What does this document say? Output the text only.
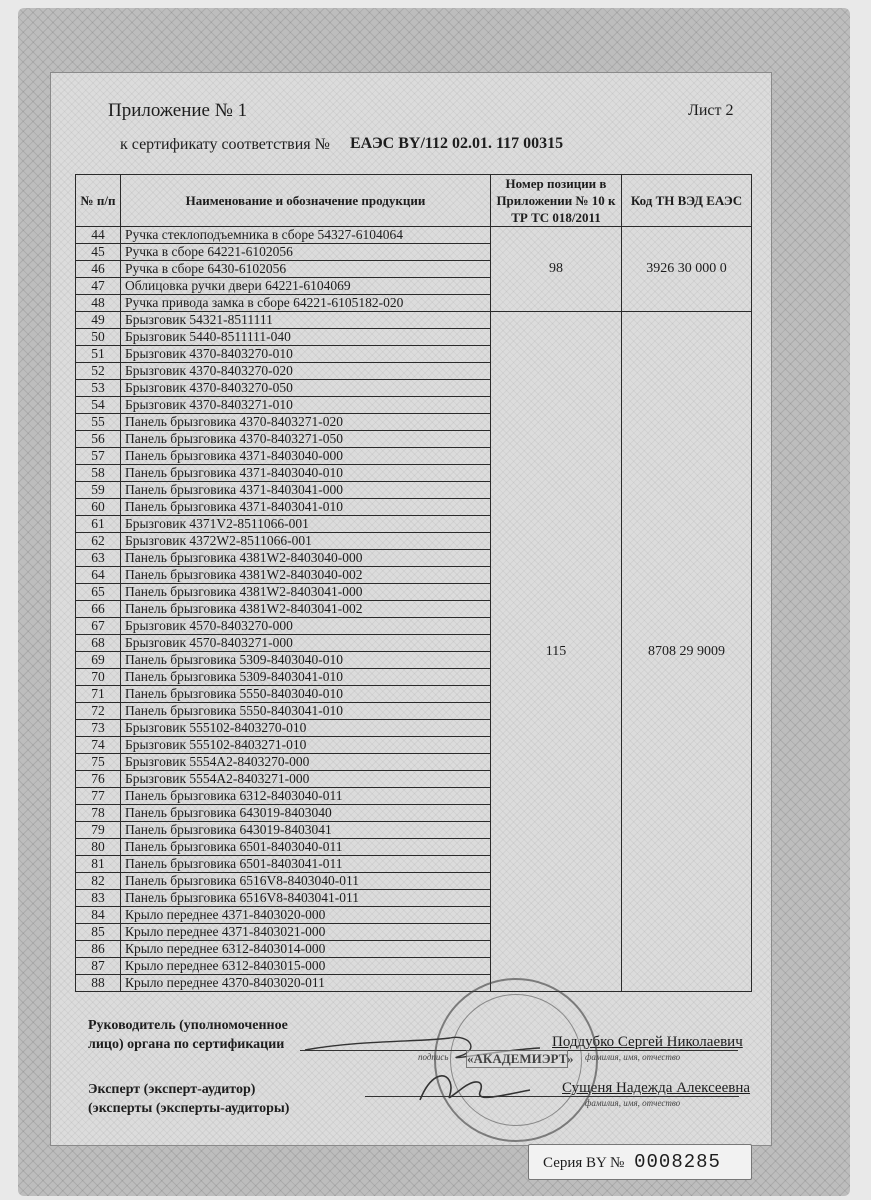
Приложение № 1	Лист 2
к сертификату соответствия № ЕАЭС BY/112 02.01. 117 00315
№ п/п	Наименование и обозначение продукции	Номер позиции в Приложении № 10 к ТР ТС 018/2011	Код ТН ВЭД ЕАЭС
44	Ручка стеклоподъемника в сборе 54327-6104064	98	3926 30 000 0
45	Ручка в сборе 64221-6102056		
46	Ручка в сборе 6430-6102056		
47	Облицовка ручки двери 64221-6104069		
48	Ручка привода замка в сборе 64221-6105182-020		
49	Брызговик 54321-8511111	115	8708 29 9009
50	Брызговик 5440-8511111-040		
51	Брызговик 4370-8403270-010		
52	Брызговик 4370-8403270-020		
53	Брызговик 4370-8403270-050		
54	Брызговик 4370-8403271-010		
55	Панель брызговика 4370-8403271-020		
56	Панель брызговика 4370-8403271-050		
57	Панель брызговика 4371-8403040-000		
58	Панель брызговика 4371-8403040-010		
59	Панель брызговика 4371-8403041-000		
60	Панель брызговика 4371-8403041-010		
61	Брызговик 4371V2-8511066-001		
62	Брызговик 4372W2-8511066-001		
63	Панель брызговика 4381W2-8403040-000		
64	Панель брызговика 4381W2-8403040-002		
65	Панель брызговика 4381W2-8403041-000		
66	Панель брызговика 4381W2-8403041-002		
67	Брызговик 4570-8403270-000		
68	Брызговик 4570-8403271-000		
69	Панель брызговика 5309-8403040-010		
70	Панель брызговика 5309-8403041-010		
71	Панель брызговика 5550-8403040-010		
72	Панель брызговика 5550-8403041-010		
73	Брызговик 555102-8403270-010		
74	Брызговик 555102-8403271-010		
75	Брызговик 5554A2-8403270-000		
76	Брызговик 5554A2-8403271-000		
77	Панель брызговика 6312-8403040-011		
78	Панель брызговика 643019-8403040		
79	Панель брызговика 643019-8403041		
80	Панель брызговика 6501-8403040-011		
81	Панель брызговика 6501-8403041-011		
82	Панель брызговика 6516V8-8403040-011		
83	Панель брызговика 6516V8-8403041-011		
84	Крыло переднее 4371-8403020-000		
85	Крыло переднее 4371-8403021-000		
86	Крыло переднее 6312-8403014-000		
87	Крыло переднее 6312-8403015-000		
88	Крыло переднее 4370-8403020-011		
Руководитель (уполномоченное
лицо) органа по сертификации	Поддубко Сергей Николаевич
подпись	фамилия, имя, отчество
Эксперт (эксперт-аудитор)
(эксперты (эксперты-аудиторы)
Сущеня Надежда Алексеевна
фамилия, имя, отчество
«АКАДЕМИЭРТ»
Серия BY № 0008285
